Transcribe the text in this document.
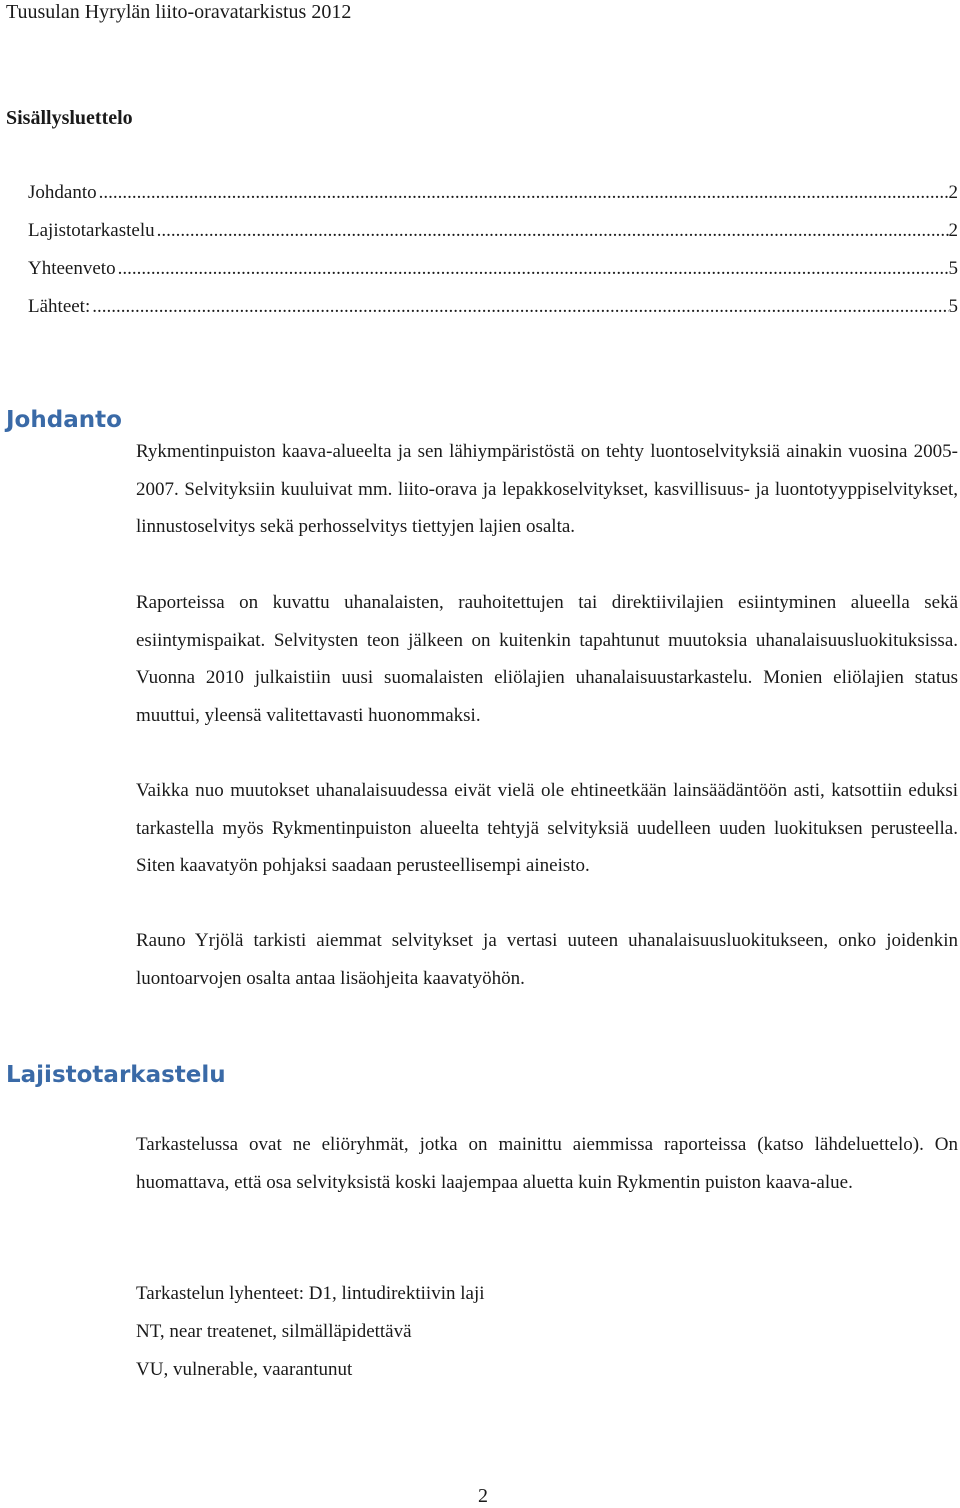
Tuusulan Hyrylän liito-oravatarkistus 2012
Sisällysluettelo
Johdanto .....	2
Lajistotarkastelu .....	2
Yhteenveto .....	5
Lähteet: .....	5
Johdanto

Rykmentinpuiston kaava-alueelta ja sen lähiympäristöstä on tehty luontoselvityksiä ainakin vuosina 2005-2007. Selvityksiin kuuluivat mm. liito-orava ja lepakkoselvitykset, kasvillisuus- ja luontotyyppiselvitykset, linnustoselvitys sekä perhosselvitys tiettyjen lajien osalta.

Raporteissa on kuvattu uhanalaisten, rauhoitettujen tai direktiivilajien esiintyminen alueella sekä esiintymispaikat. Selvitysten teon jälkeen on kuitenkin tapahtunut muutoksia uhanalaisuusluokituksissa. Vuonna 2010 julkaistiin uusi suomalaisten eliölajien uhanalaisuustarkastelu. Monien eliölajien status muuttui, yleensä valitettavasti huonommaksi.

Vaikka nuo muutokset uhanalaisuudessa eivät vielä ole ehtineetkään lainsäädäntöön asti, katsottiin eduksi tarkastella myös Rykmentinpuiston alueelta tehtyjä selvityksiä uudelleen uuden luokituksen perusteella. Siten kaavatyön pohjaksi saadaan perusteellisempi aineisto.

Rauno Yrjölä tarkisti aiemmat selvitykset ja vertasi uuteen uhanalaisuusluokitukseen, onko joidenkin luontoarvojen osalta antaa lisäohjeita kaavatyöhön.

Lajistotarkastelu

Tarkastelussa ovat ne eliöryhmät, jotka on mainittu aiemmissa raporteissa (katso lähdeluettelo). On huomattava, että osa selvityksistä koski laajempaa aluetta kuin Rykmentin puiston kaava-alue.

Tarkastelun lyhenteet: D1, lintudirektiivin laji
NT, near treatenet, silmälläpidettävä
VU, vulnerable, vaarantunut
2
